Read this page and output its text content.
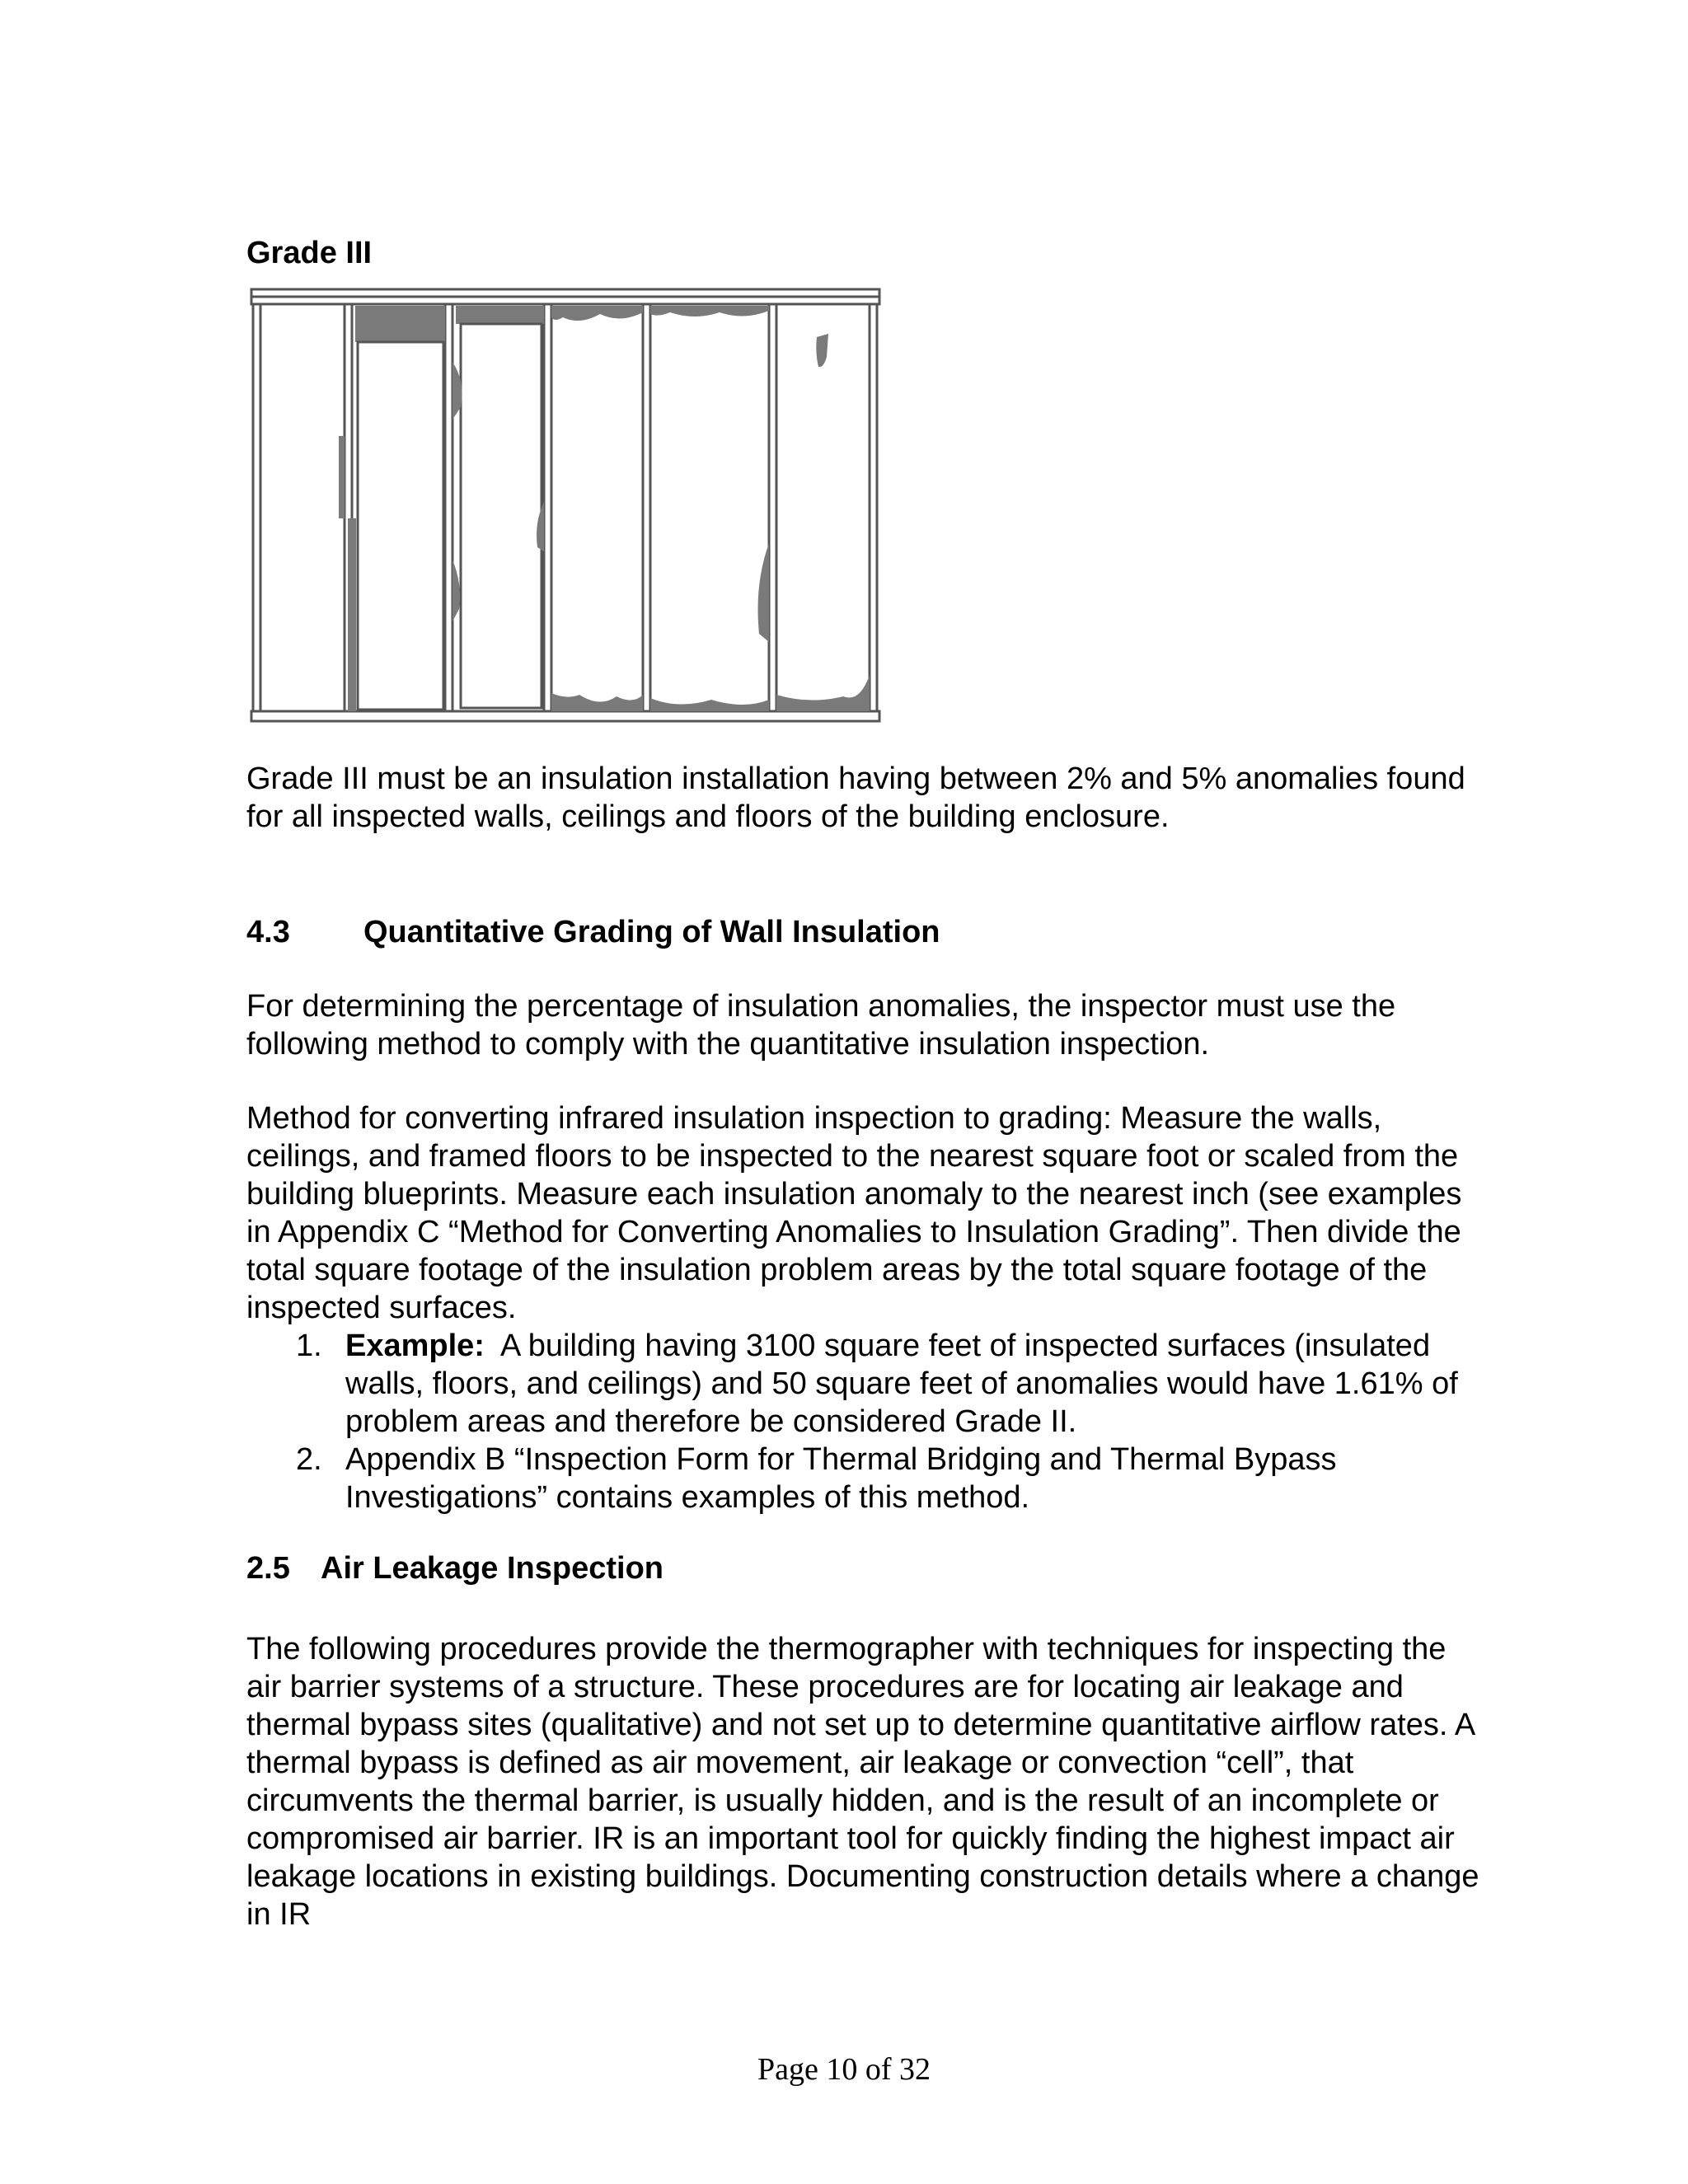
Grade III

Grade III must be an insulation installation having between 2% and 5% anomalies found for all inspected walls, ceilings and floors of the building enclosure.

4.3 Quantitative Grading of Wall Insulation

For determining the percentage of insulation anomalies, the inspector must use the following method to comply with the quantitative insulation inspection.

Method for converting infrared insulation inspection to grading: Measure the walls, ceilings, and framed floors to be inspected to the nearest square foot or scaled from the building blueprints. Measure each insulation anomaly to the nearest inch (see examples in Appendix C “Method for Converting Anomalies to Insulation Grading”. Then divide the total square footage of the insulation problem areas by the total square footage of the inspected surfaces.

1. Example:  A building having 3100 square feet of inspected surfaces (insulated walls, floors, and ceilings) and 50 square feet of anomalies would have 1.61% of problem areas and therefore be considered Grade II.
2. Appendix B “Inspection Form for Thermal Bridging and Thermal Bypass Investigations” contains examples of this method.

2.5 Air Leakage Inspection

The following procedures provide the thermographer with techniques for inspecting the air barrier systems of a structure. These procedures are for locating air leakage and thermal bypass sites (qualitative) and not set up to determine quantitative airflow rates. A thermal bypass is defined as air movement, air leakage or convection “cell”, that circumvents the thermal barrier, is usually hidden, and is the result of an incomplete or compromised air barrier. IR is an important tool for quickly finding the highest impact air leakage locations in existing buildings. Documenting construction details where a change in IR

Page 10 of 32
